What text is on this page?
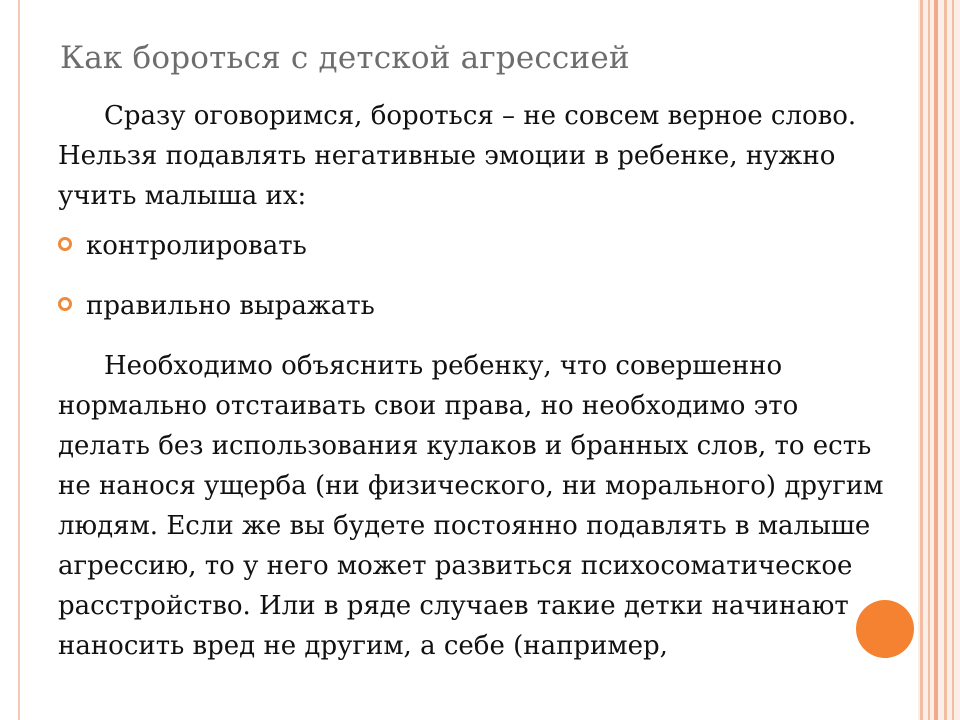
Как бороться с детской агрессией

Сразу оговоримся, бороться – не совсем верное слово. Нельзя подавлять негативные эмоции в ребенке, нужно учить малыша их:

контролировать
правильно выражать

Необходимо объяснить ребенку, что совершенно нормально отстаивать свои права, но необходимо это делать без использования кулаков и бранных слов, то есть не нанося ущерба (ни физического, ни морального) другим людям. Если же вы будете постоянно подавлять в малыше агрессию, то у него может развиться психосоматическое расстройство. Или в ряде случаев такие детки начинают наносить вред не другим, а себе (например,
